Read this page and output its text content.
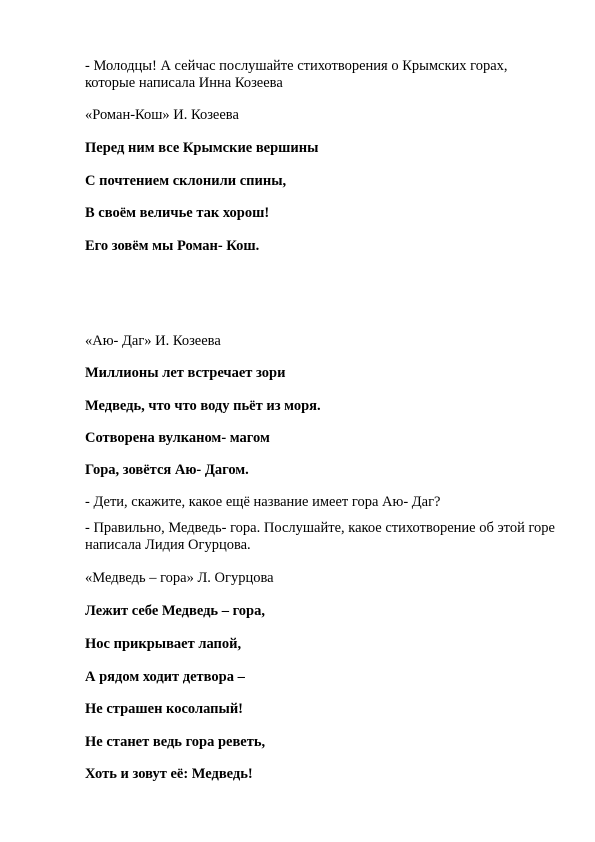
- Молодцы! А сейчас послушайте стихотворения о Крымских горах, которые написала Инна Козеева
«Роман-Кош» И. Козеева
Перед ним все Крымские вершины
С почтением склонили спины,
В своём величье так хорош!
Его зовём мы Роман- Кош.
«Аю- Даг» И. Козеева
Миллионы лет встречает зори
Медведь, что что воду пьёт из моря.
Сотворена вулканом- магом
Гора, зовётся Аю- Дагом.
- Дети, скажите, какое ещё название имеет гора Аю- Даг?
- Правильно, Медведь- гора. Послушайте, какое стихотворение об этой горе написала Лидия Огурцова.
«Медведь – гора» Л. Огурцова
Лежит себе Медведь – гора,
Нос прикрывает лапой,
А рядом ходит детвора –
Не страшен косолапый!
Не станет ведь гора реветь,
Хоть и зовут её: Медведь!
